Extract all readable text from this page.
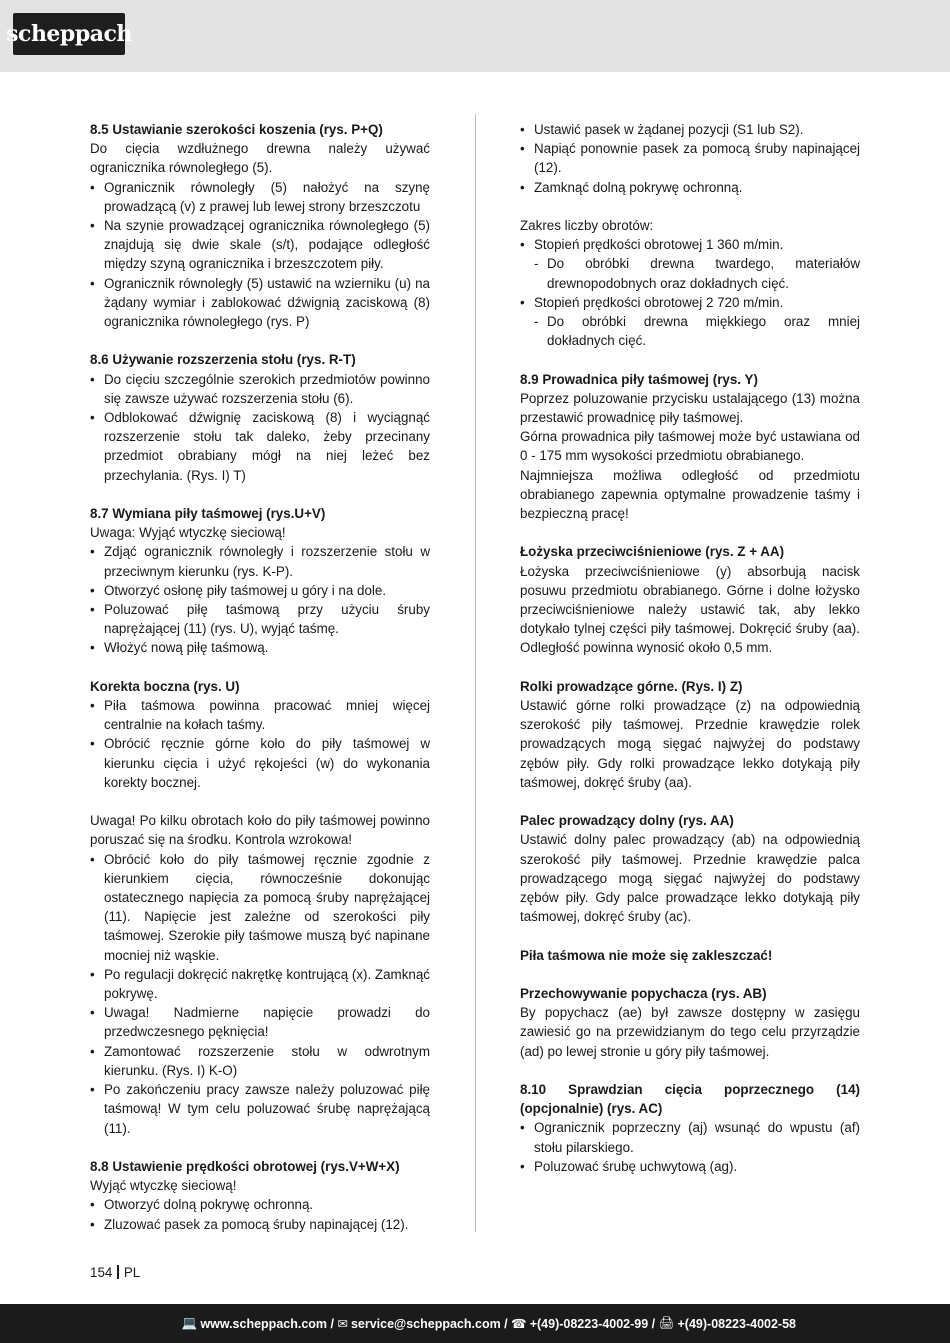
scheppach

8.5 Ustawianie szerokości koszenia (rys. P+Q)

Do cięcia wzdłużnego drewna należy używać ogranicznika równoległego (5).

• Ogranicznik równoległy (5) nałożyć na szynę prowadzącą (v) z prawej lub lewej strony brzeszczotu
• Na szynie prowadzącej ogranicznika równoległego (5) znajdują się dwie skale (s/t), podające odległość między szyną ogranicznika i brzeszczotem piły.
• Ogranicznik równoległy (5) ustawić na wzierniku (u) na żądany wymiar i zablokować dźwignią zaciskową (8) ogranicznika równoległego (rys. P)

8.6 Używanie rozszerzenia stołu (rys. R-T)

• Do cięciu szczególnie szerokich przedmiotów powinno się zawsze używać rozszerzenia stołu (6).
• Odblokować dźwignię zaciskową (8) i wyciągnąć rozszerzenie stołu tak daleko, żeby przecinany przedmiot obrabiany mógł na niej leżeć bez przechylania. (Rys. I) T)

8.7 Wymiana piły taśmowej (rys.U+V)

Uwaga: Wyjąć wtyczkę sieciową!

• Zdjąć ogranicznik równoległy i rozszerzenie stołu w przeciwnym kierunku (rys. K-P).
• Otworzyć osłonę piły taśmowej u góry i na dole.
• Poluzować piłę taśmową przy użyciu śruby naprężającej (11) (rys. U), wyjąć taśmę.
• Włożyć nową piłę taśmową.

Korekta boczna (rys. U)

• Piła taśmowa powinna pracować mniej więcej centralnie na kołach taśmy.
• Obrócić ręcznie górne koło do piły taśmowej w kierunku cięcia i użyć rękojeści (w) do wykonania korekty bocznej.

Uwaga! Po kilku obrotach koło do piły taśmowej powinno poruszać się na środku. Kontrola wzrokowa!

• Obrócić koło do piły taśmowej ręcznie zgodnie z kierunkiem cięcia, równocześnie dokonując ostatecznego napięcia za pomocą śruby naprężającej (11). Napięcie jest zależne od szerokości piły taśmowej. Szerokie piły taśmowe muszą być napinane mocniej niż wąskie.
• Po regulacji dokręcić nakrętkę kontrującą (x). Zamknąć pokrywę.
• Uwaga! Nadmierne napięcie prowadzi do przedwczesnego pęknięcia!
• Zamontować rozszerzenie stołu w odwrotnym kierunku. (Rys. I) K-O)
• Po zakończeniu pracy zawsze należy poluzować piłę taśmową! W tym celu poluzować śrubę naprężającą (11).

8.8 Ustawienie prędkości obrotowej (rys.V+W+X)

Wyjąć wtyczkę sieciową!

• Otworzyć dolną pokrywę ochronną.
• Zluzować pasek za pomocą śruby napinającej (12).
• Ustawić pasek w żądanej pozycji (S1 lub S2).
• Napiąć ponownie pasek za pomocą śruby napinającej (12).
• Zamknąć dolną pokrywę ochronną.

Zakres liczby obrotów:

• Stopień prędkości obrotowej 1 360 m/min.
- Do obróbki drewna twardego, materiałów drewnopodobnych oraz dokładnych cięć.
• Stopień prędkości obrotowej 2 720 m/min.
- Do obróbki drewna miękkiego oraz mniej dokładnych cięć.

8.9 Prowadnica piły taśmowej (rys. Y)

Poprzez poluzowanie przycisku ustalającego (13) można przestawić prowadnicę piły taśmowej.

Górna prowadnica piły taśmowej może być ustawiana od 0 - 175 mm wysokości przedmiotu obrabianego.

Najmniejsza możliwa odległość od przedmiotu obrabianego zapewnia optymalne prowadzenie taśmy i bezpieczną pracę!

Łożyska przeciwciśnieniowe (rys. Z + AA)

Łożyska przeciwciśnieniowe (y) absorbują nacisk posuwu przedmiotu obrabianego. Górne i dolne łożysko przeciwciśnieniowe należy ustawić tak, aby lekko dotykało tylnej części piły taśmowej. Dokręcić śruby (aa). Odległość powinna wynosić około 0,5 mm.

Rolki prowadzące górne. (Rys. I) Z)

Ustawić górne rolki prowadzące (z) na odpowiednią szerokość piły taśmowej. Przednie krawędzie rolek prowadzących mogą sięgać najwyżej do podstawy zębów piły. Gdy rolki prowadzące lekko dotykają piły taśmowej, dokręć śruby (aa).

Palec prowadzący dolny (rys. AA)

Ustawić dolny palec prowadzący (ab) na odpowiednią szerokość piły taśmowej. Przednie krawędzie palca prowadzącego mogą sięgać najwyżej do podstawy zębów piły. Gdy palce prowadzące lekko dotykają piły taśmowej, dokręć śruby (ac).

Piła taśmowa nie może się zakleszczać!

Przechowywanie popychacza (rys. AB)

By popychacz (ae) był zawsze dostępny w zasięgu zawiesić go na przewidzianym do tego celu przyrządzie (ad) po lewej stronie u góry piły taśmowej.

8.10 Sprawdzian cięcia poprzecznego (14) (opcjonalnie) (rys. AC)

• Ogranicznik poprzeczny (aj) wsunąć do wpustu (af) stołu pilarskiego.
• Poluzować śrubę uchwytową (ag).
154 PL
💻 www.scheppach.com / ✉ service@scheppach.com / ☎ +(49)-08223-4002-99 / 🖨 +(49)-08223-4002-58
